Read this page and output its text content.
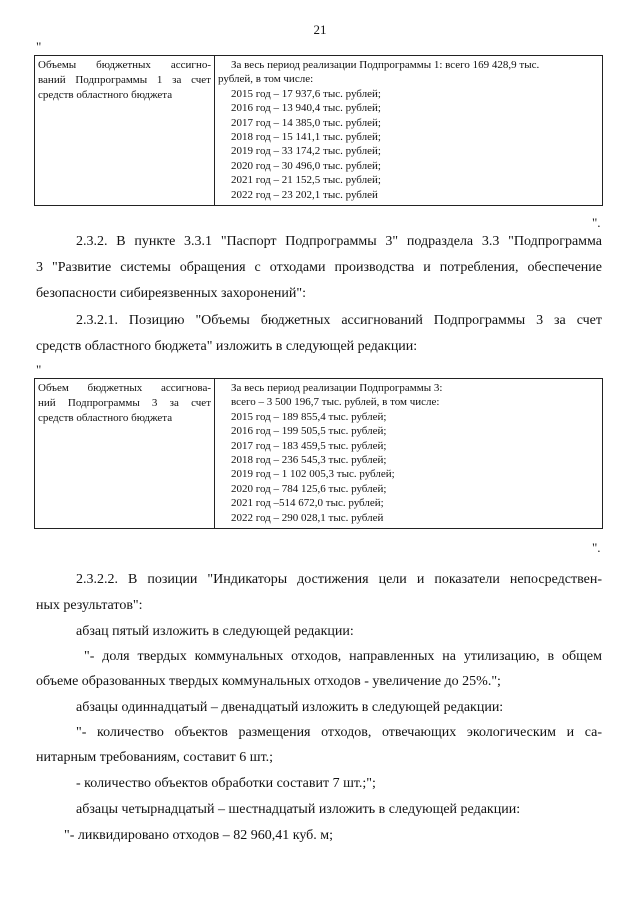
21
"
Объемы бюджетных ассигно-
ваний Подпрограммы 1 за счет
средств областного бюджета

За весь период реализации Подпрограммы 1: всего 169 428,9 тыс.
рублей, в том числе:
2015 год – 17 937,6 тыс. рублей;
2016 год – 13 940,4 тыс. рублей;
2017 год – 14 385,0 тыс. рублей;
2018 год – 15 141,1 тыс. рублей;
2019 год – 33 174,2 тыс. рублей;
2020 год – 30 496,0 тыс. рублей;
2021 год – 21 152,5 тыс. рублей;
2022 год – 23 202,1 тыс. рублей
".
2.3.2. В пункте 3.3.1 "Паспорт Подпрограммы 3" подраздела 3.3 "Подпрограмма
3 "Развитие системы обращения с отходами производства и потребления, обеспечение
безопасности сибиреязвенных захоронений":
2.3.2.1. Позицию "Объемы бюджетных ассигнований Подпрограммы 3 за счет
средств областного бюджета" изложить в следующей редакции:
"
Объем бюджетных ассигнова-
ний Подпрограммы 3 за счет
средств областного бюджета

За весь период реализации Подпрограммы 3:
всего – 3 500 196,7 тыс. рублей, в том числе:
2015 год – 189 855,4 тыс. рублей;
2016 год – 199 505,5 тыс. рублей;
2017 год – 183 459,5 тыс. рублей;
2018 год – 236 545,3 тыс. рублей;
2019 год – 1 102 005,3 тыс. рублей;
2020 год – 784 125,6 тыс. рублей;
2021 год –514 672,0 тыс. рублей;
2022 год – 290 028,1 тыс. рублей
".
2.3.2.2. В позиции "Индикаторы достижения цели и показатели непосредствен-
ных результатов":
абзац пятый изложить в следующей редакции:
"- доля твердых коммунальных отходов, направленных на утилизацию, в общем
объеме образованных твердых коммунальных отходов - увеличение до 25%.";
абзацы одиннадцатый – двенадцатый изложить в следующей редакции:
"- количество объектов размещения отходов, отвечающих экологическим и са-
нитарным требованиям, составит 6 шт.;
- количество объектов обработки составит 7 шт.;";
абзацы четырнадцатый – шестнадцатый изложить в следующей редакции:
"- ликвидировано отходов – 82 960,41 куб. м;
